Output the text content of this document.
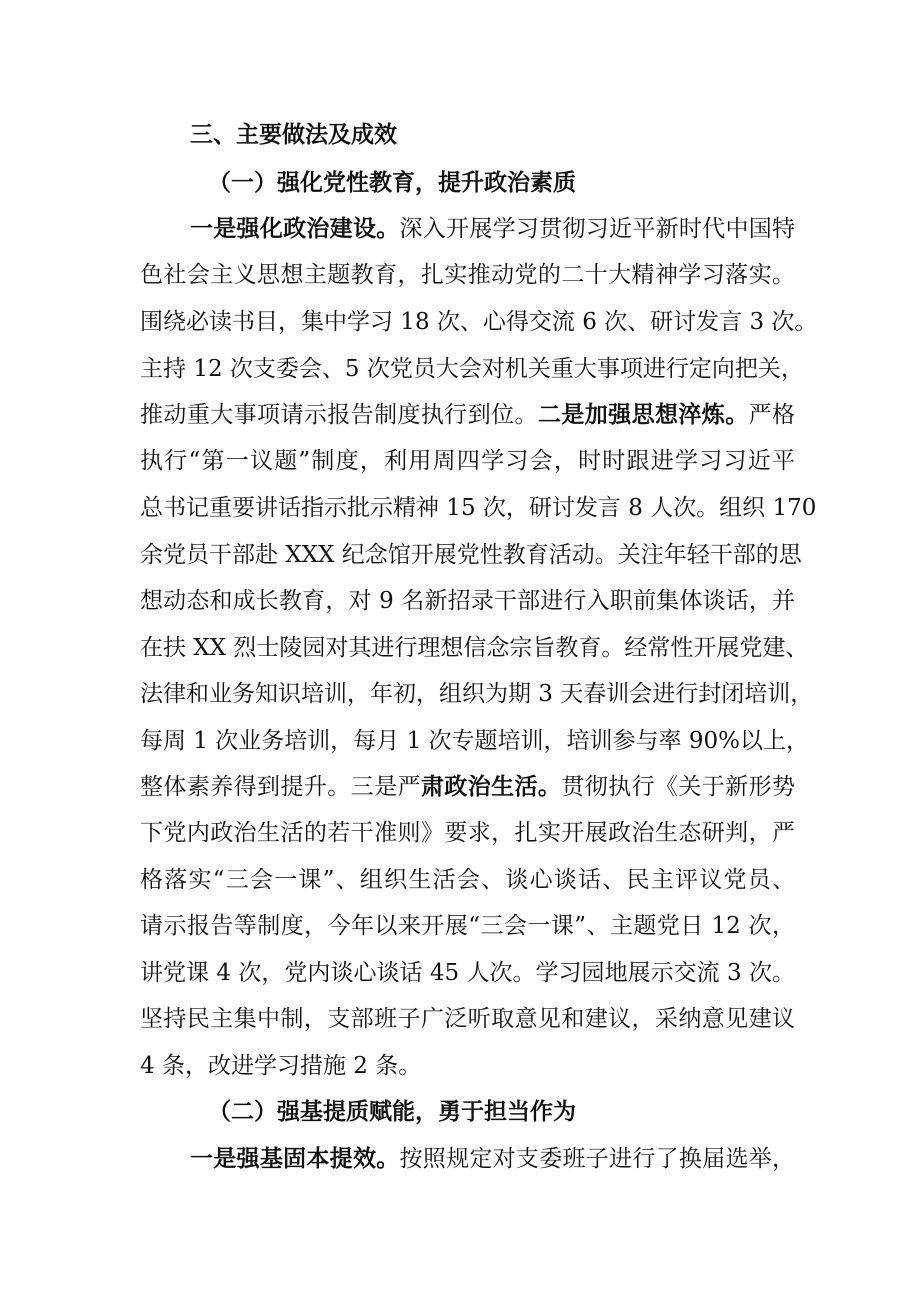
三、主要做法及成效
（一）强化党性教育，提升政治素质
一是强化政治建设。深入开展学习贯彻习近平新时代中国特
色社会主义思想主题教育，扎实推动党的二十大精神学习落实。
围绕必读书目，集中学习 18 次、心得交流 6 次、研讨发言 3 次。
主持 12 次支委会、5 次党员大会对机关重大事项进行定向把关，
推动重大事项请示报告制度执行到位。二是加强思想淬炼。严格
执行“第一议题”制度，利用周四学习会，时时跟进学习习近平
总书记重要讲话指示批示精神 15 次，研讨发言 8 人次。组织 170
余党员干部赴 XXX 纪念馆开展党性教育活动。关注年轻干部的思
想动态和成长教育，对 9 名新招录干部进行入职前集体谈话，并
在扶 XX 烈士陵园对其进行理想信念宗旨教育。经常性开展党建、
法律和业务知识培训，年初，组织为期 3 天春训会进行封闭培训，
每周 1 次业务培训，每月 1 次专题培训，培训参与率 90%以上，
整体素养得到提升。三是严肃政治生活。贯彻执行《关于新形势
下党内政治生活的若干准则》要求，扎实开展政治生态研判，严
格落实“三会一课”、组织生活会、谈心谈话、民主评议党员、
请示报告等制度，今年以来开展“三会一课”、主题党日 12 次，
讲党课 4 次，党内谈心谈话 45 人次。学习园地展示交流 3 次。
坚持民主集中制，支部班子广泛听取意见和建议，采纳意见建议
4 条，改进学习措施 2 条。
（二）强基提质赋能，勇于担当作为
一是强基固本提效。按照规定对支委班子进行了换届选举，
